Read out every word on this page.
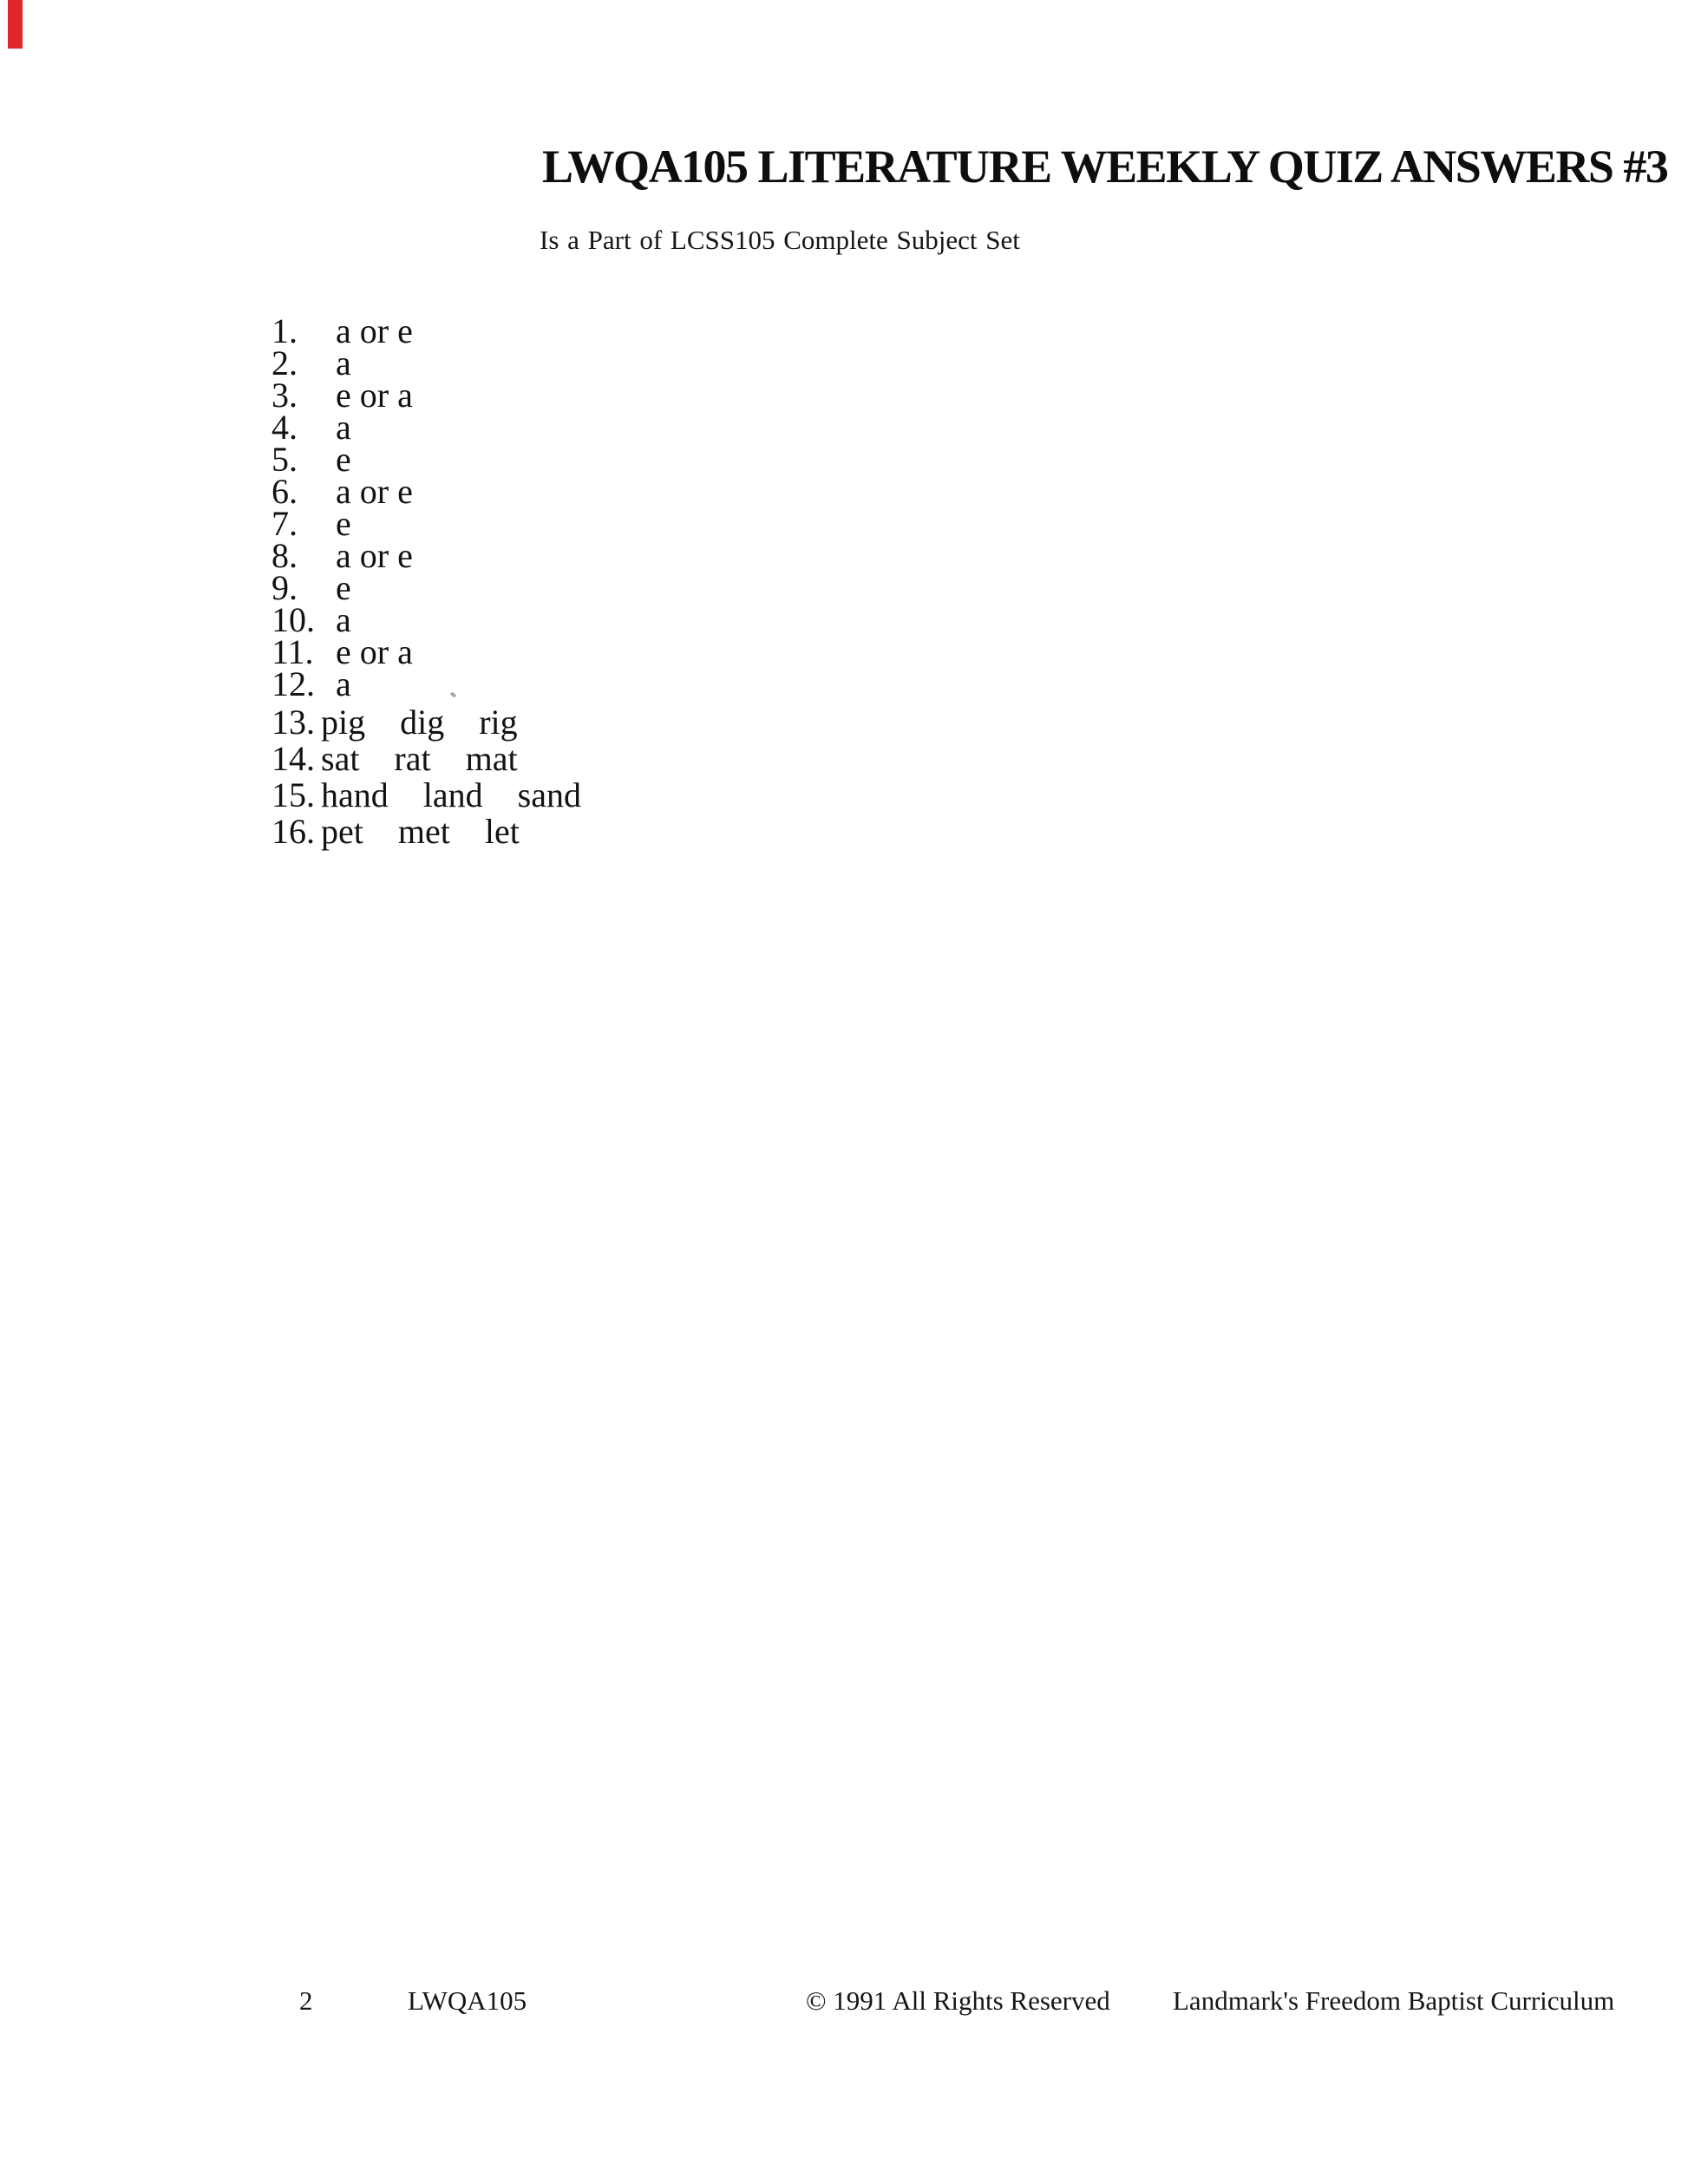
LWQA105 LITERATURE WEEKLY QUIZ ANSWERS #3
Is a Part of LCSS105 Complete Subject Set
1.	a or e
2.	a
3.	e or a
4.	a
5.	e
6.	a or e
7.	e
8.	a or e
9.	e
10. a
11. e or a
12. a
13. pig    dig    rig
14. sat    rat    mat
15. hand    land    sand
16. pet    met    let
2	LWQA105	© 1991 All Rights Reserved Landmark's Freedom Baptist Curriculum
